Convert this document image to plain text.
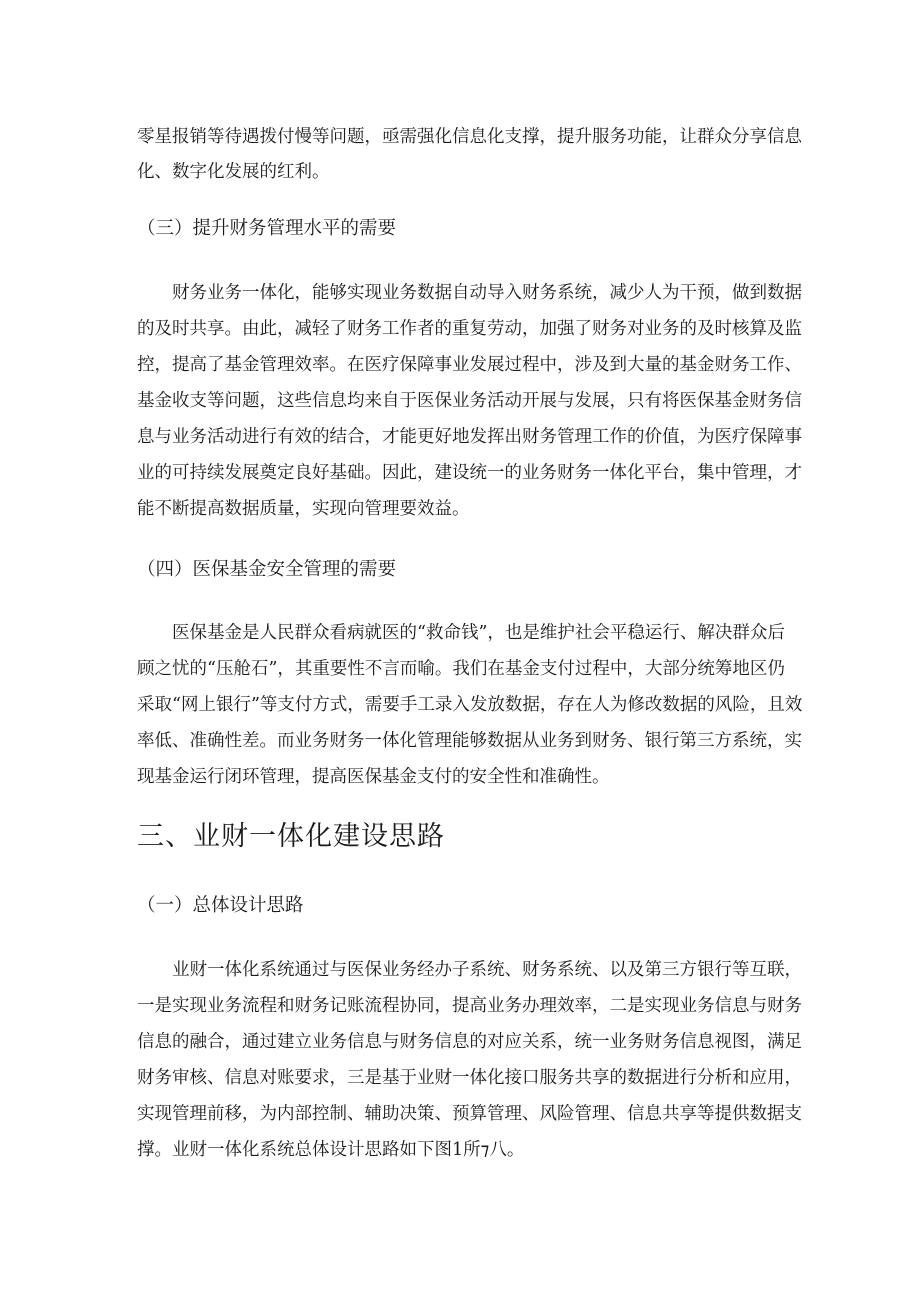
零星报销等待遇拨付慢等问题，亟需强化信息化支撑，提升服务功能，让群众分享信息
化、数字化发展的红利。
（三）提升财务管理水平的需要
财务业务一体化，能够实现业务数据自动导入财务系统，减少人为干预，做到数据
的及时共享。由此，减轻了财务工作者的重复劳动，加强了财务对业务的及时核算及监
控，提高了基金管理效率。在医疗保障事业发展过程中，涉及到大量的基金财务工作、
基金收支等问题，这些信息均来自于医保业务活动开展与发展，只有将医保基金财务信
息与业务活动进行有效的结合，才能更好地发挥出财务管理工作的价值，为医疗保障事
业的可持续发展奠定良好基础。因此，建设统一的业务财务一体化平台，集中管理，才
能不断提高数据质量，实现向管理要效益。
（四）医保基金安全管理的需要
医保基金是人民群众看病就医的“救命钱”，也是维护社会平稳运行、解决群众后
顾之忧的“压舱石”，其重要性不言而喻。我们在基金支付过程中，大部分统筹地区仍
采取“网上银行”等支付方式，需要手工录入发放数据，存在人为修改数据的风险，且效
率低、准确性差。而业务财务一体化管理能够数据从业务到财务、银行第三方系统，实
现基金运行闭环管理，提高医保基金支付的安全性和准确性。
三、业财一体化建设思路
（一）总体设计思路
业财一体化系统通过与医保业务经办子系统、财务系统、以及第三方银行等互联，
一是实现业务流程和财务记账流程协同，提高业务办理效率，二是实现业务信息与财务
信息的融合，通过建立业务信息与财务信息的对应关系，统一业务财务信息视图，满足
财务审核、信息对账要求，三是基于业财一体化接口服务共享的数据进行分析和应用，
实现管理前移，为内部控制、辅助决策、预算管理、风险管理、信息共享等提供数据支
撑。业财一体化系统总体设计思路如下图1所⁊八。
